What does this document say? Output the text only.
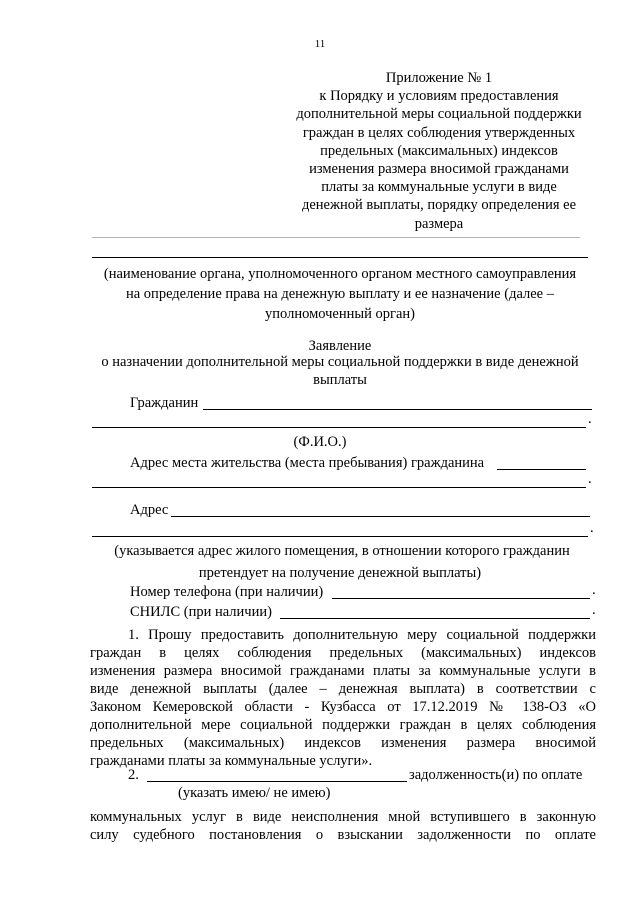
11
Приложение № 1
к Порядку и условиям предоставления
дополнительной меры социальной поддержки
граждан в целях соблюдения утвержденных
предельных (максимальных) индексов
изменения размера вносимой гражданами
платы за коммунальные услуги в виде
денежной выплаты, порядку определения ее
размера
(наименование органа, уполномоченного органом местного самоуправления
на определение права на денежную выплату и ее назначение (далее –
уполномоченный орган)
Заявление
о назначении дополнительной меры социальной поддержки в виде денежной
выплаты
Гражданин
.
(Ф.И.О.)
Адрес места жительства (места пребывания) гражданина
.
Адрес
.
(указывается адрес жилого помещения, в отношении которого гражданин
претендует на получение денежной выплаты)
Номер телефона (при наличии)	.
СНИЛС (при наличии)	.
1. Прошу предоставить дополнительную меру социальной поддержки
граждан в целях соблюдения предельных (максимальных) индексов
изменения размера вносимой гражданами платы за коммунальные услуги в
виде денежной выплаты (далее – денежная выплата) в соответствии с
Законом Кемеровской области - Кузбасса от 17.12.2019 № 138-ОЗ «О
дополнительной мере социальной поддержки граждан в целях соблюдения
предельных (максимальных) индексов изменения размера вносимой
гражданами платы за коммунальные услуги».
2.	задолженность(и) по оплате
(указать имею/ не имею)
коммунальных услуг в виде неисполнения мной вступившего в законную
силу судебного постановления о взыскании задолженности по оплате
